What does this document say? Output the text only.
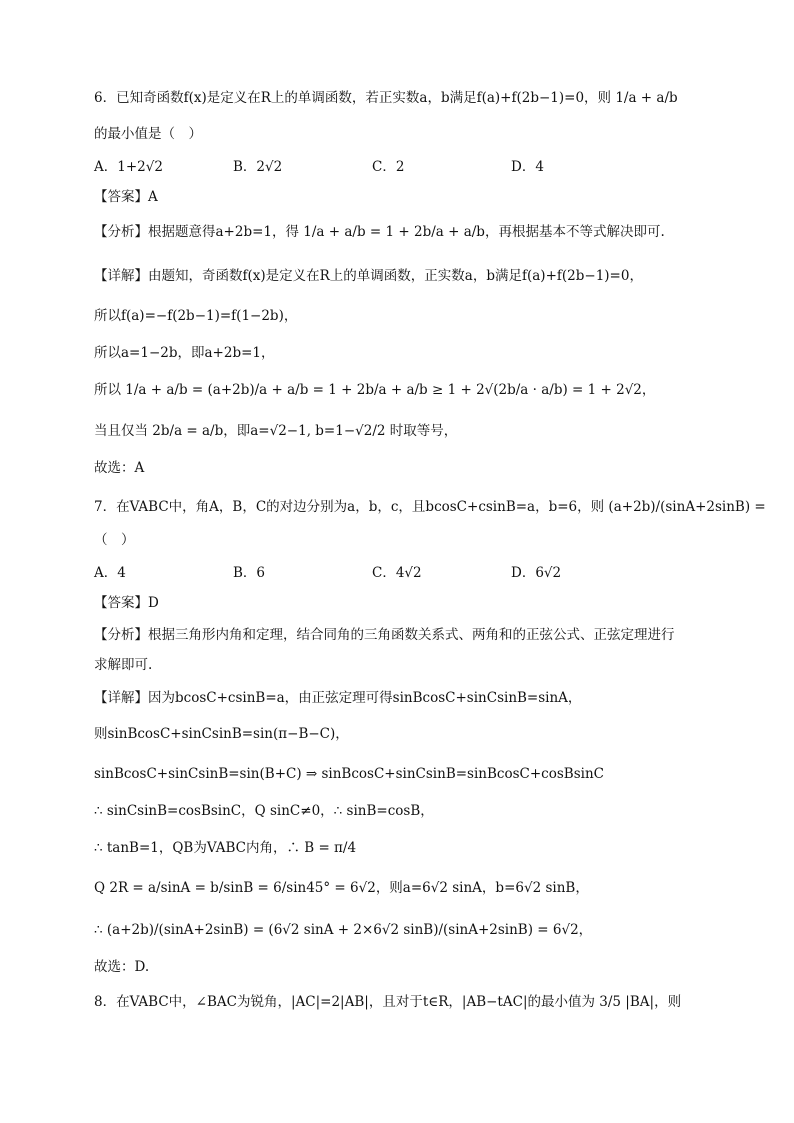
6．已知奇函数f(x)是定义在R上的单调函数，若正实数a，b满足f(a)+f(2b−1)=0，则 1/a + a/b
的最小值是（　）
A．1+2√2	B．2√2	C．2	D．4
【答案】A
【分析】根据题意得a+2b=1，得 1/a + a/b = 1 + 2b/a + a/b，再根据基本不等式解决即可.
【详解】由题知，奇函数f(x)是定义在R上的单调函数，正实数a，b满足f(a)+f(2b−1)=0，
所以f(a)=−f(2b−1)=f(1−2b)，
所以a=1−2b，即a+2b=1，
所以 1/a + a/b = (a+2b)/a + a/b = 1 + 2b/a + a/b ≥ 1 + 2√(2b/a · a/b) = 1 + 2√2，
当且仅当 2b/a = a/b，即a=√2−1, b=1−√2/2 时取等号，
故选：A
7．在VABC中，角A，B，C的对边分别为a，b，c，且bcosC+csinB=a，b=6，则 (a+2b)/(sinA+2sinB) =
（　）
A．4	B．6	C．4√2	D．6√2
【答案】D
【分析】根据三角形内角和定理，结合同角的三角函数关系式、两角和的正弦公式、正弦定理进行
求解即可.
【详解】因为bcosC+csinB=a，由正弦定理可得sinBcosC+sinCsinB=sinA，
则sinBcosC+sinCsinB=sin(π−B−C)，
sinBcosC+sinCsinB=sin(B+C) ⇒ sinBcosC+sinCsinB=sinBcosC+cosBsinC
∴ sinCsinB=cosBsinC，Q sinC≠0，∴ sinB=cosB，
∴ tanB=1，QB为VABC内角，∴ B = π/4
Q 2R = a/sinA = b/sinB = 6/sin45° = 6√2，则a=6√2 sinA，b=6√2 sinB，
∴ (a+2b)/(sinA+2sinB) = (6√2 sinA + 2×6√2 sinB)/(sinA+2sinB) = 6√2，
故选：D.
8．在VABC中，∠BAC为锐角，|AC|=2|AB|，且对于t∈R，|AB−tAC|的最小值为 3/5 |BA|，则
